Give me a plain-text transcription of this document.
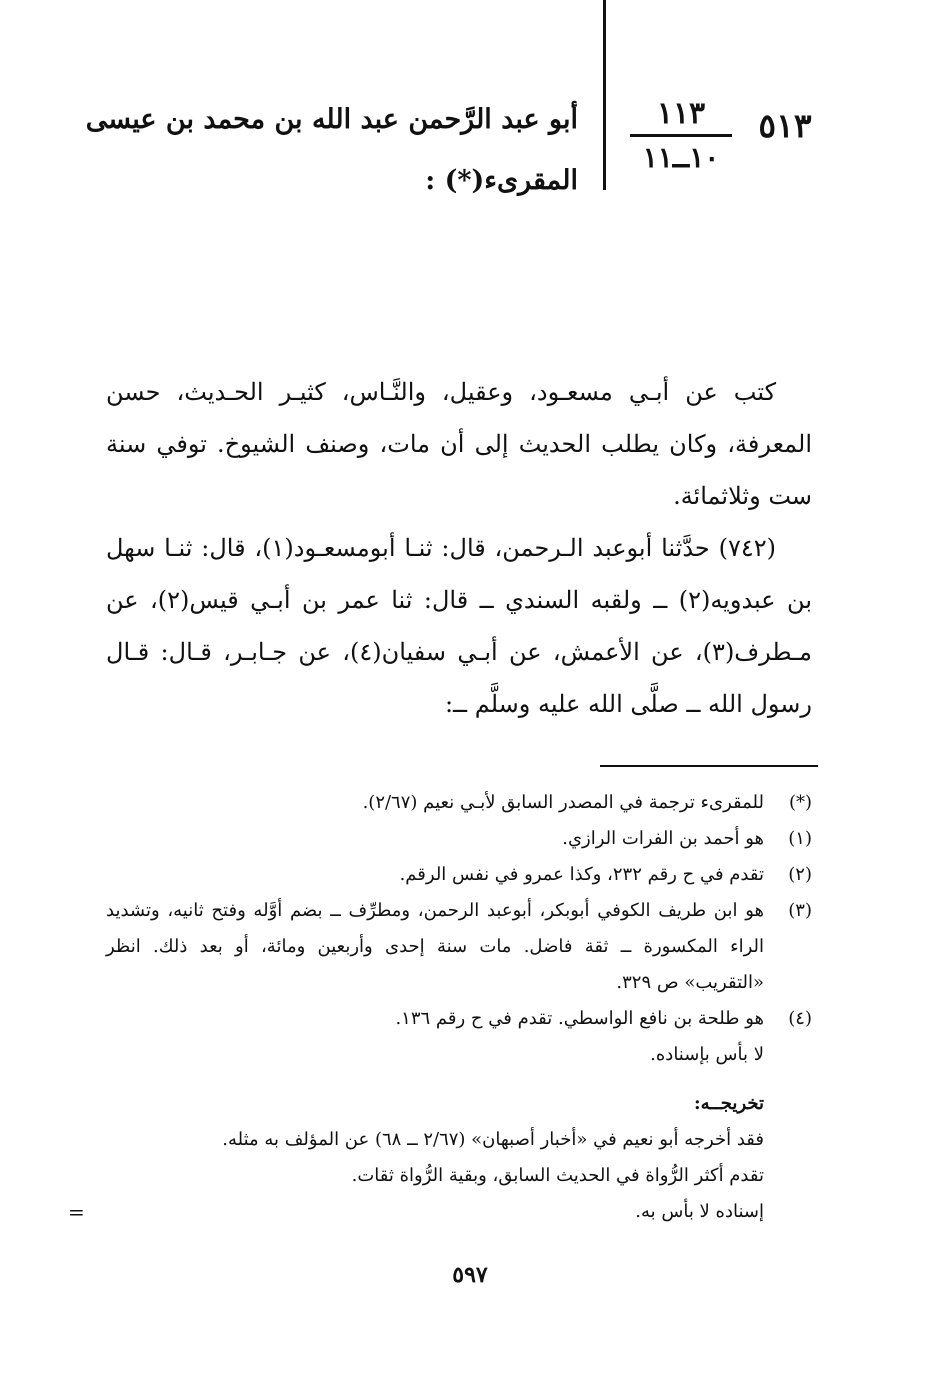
٥١٣
١١٣
١٠ــ١١
أبو عبد الرَّحمن عبد الله بن محمد بن عيسى
المقرىء(*) :

كتب عن أبـي مسعـود، وعقيل، والنَّـاس، كثيـر الحـديث، حسن المعرفة، وكان يطلب الحديث إلى أن مات، وصنف الشيوخ. توفي سنة ست وثلاثمائة.

(٧٤٢) حدَّثنا أبوعبد الـرحمن، قال: ثنـا أبومسعـود(١)، قال: ثنـا سهل بن عبدويه(٢) ــ ولقبه السندي ــ قال: ثنا عمر بن أبـي قيس(٢)، عن مـطرف(٣)، عن الأعمش، عن أبـي سفيان(٤)، عن جـابـر، قـال: قـال رسول الله ــ صلَّى الله عليه وسلَّم ــ:

(*)
للمقرىء ترجمة في المصدر السابق لأبـي نعيم (٢/٦٧).
(١)
هو أحمد بن الفرات الرازي.
(٢)
تقدم في ح رقم ٢٣٢، وكذا عمرو في نفس الرقم.
(٣)
هو ابن طريف الكوفي أبوبكر، أبوعبد الرحمن، ومطرِّف ــ بضم أوَّله وفتح ثانيه، وتشديد الراء المكسورة ــ ثقة فاضل. مات سنة إحدى وأربعين ومائة، أو بعد ذلك. انظر «التقريب» ص ٣٢٩.
(٤)
هو طلحة بن نافع الواسطي. تقدم في ح رقم ١٣٦.
لا بأس بإسناده.
تخريجــه:
فقد أخرجه أبو نعيم في «أخبار أصبهان» (٢/٦٧ ــ ٦٨) عن المؤلف به مثله.
تقدم أكثر الرُّواة في الحديث السابق، وبقية الرُّواة ثقات.
إسناده لا بأس به.
=
٥٩٧
